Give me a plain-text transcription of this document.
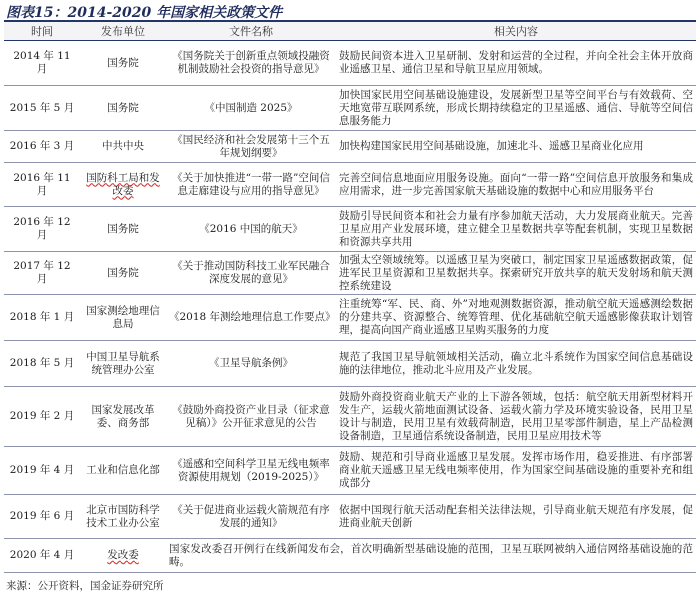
图表15：2014-2020 年国家相关政策文件
时间	发布单位	文件名称	相关内容
2014 年 11 月	国务院	《国务院关于创新重点领域投融资机制鼓励社会投资的指导意见》	鼓励民间资本进入卫星研制、发射和运营的全过程，并向全社会主体开放商业遥感卫星、通信卫星和导航卫星应用领域。
2015 年 5 月	国务院	《中国制造 2025》	加快国家民用空间基础设施建设，发展新型卫星等空间平台与有效载荷、空天地宽带互联网系统，形成长期持续稳定的卫星遥感、通信、导航等空间信息服务能力
2016 年 3 月	中共中央	《国民经济和社会发展第十三个五年规划纲要》	加快构建国家民用空间基础设施，加速北斗、遥感卫星商业化应用
2016 年 11 月	国防科工局和发改委	《关于加快推进“一带一路”空间信息走廊建设与应用的指导意见》	完善空间信息地面应用服务设施。面向“一带一路”空间信息开放服务和集成应用需求，进一步完善国家航天基础设施的数据中心和应用服务平台
2016 年 12 月	国务院	《2016 中国的航天》	鼓励引导民间资本和社会力量有序参加航天活动，大力发展商业航天。完善卫星应用产业发展环境，建立健全卫星数据共享等配套机制，实现卫星数据和资源共享共用
2017 年 12 月	国务院	《关于推动国防科技工业军民融合深度发展的意见》	加强太空领域统筹。以遥感卫星为突破口，制定国家卫星遥感数据政策，促进军民卫星资源和卫星数据共享。探索研究开放共享的航天发射场和航天测控系统建设
2018 年 1 月	国家测绘地理信息局	《2018 年测绘地理信息工作要点》	注重统筹“军、民、商、外”对地观测数据资源，推动航空航天遥感测绘数据的分建共享、资源整合、统筹管理、优化基础航空航天遥感影像获取计划管理，提高向国产商业遥感卫星购买服务的力度
2018 年 5 月	中国卫星导航系统管理办公室	《卫星导航条例》	规范了我国卫星导航领域相关活动，确立北斗系统作为国家空间信息基础设施的法律地位，推动北斗应用及产业发展。
2019 年 2 月	国家发展改革委、商务部	《鼓励外商投资产业目录（征求意见稿）》公开征求意见的公告	鼓励外商投资商业航天产业的上下游各领域，包括：航空航天用新型材料开发生产，运载火箭地面测试设备、运载火箭力学及环境实验设备，民用卫星设计与制造，民用卫星有效载荷制造，民用卫星零部件制造，星上产品检测设备制造，卫星通信系统设备制造，民用卫星应用技术等
2019 年 4 月	工业和信息化部	《遥感和空间科学卫星无线电频率资源使用规划（2019-2025）》	鼓励、规范和引导商业遥感卫星发展。发挥市场作用，稳妥推进、有序部署商业航天遥感卫星无线电频率使用，作为国家空间基础设施的重要补充和组成部分
2019 年 6 月	北京市国防科学技术工业办公室	《关于促进商业运载火箭规范有序发展的通知》	依据中国现行航天活动配套相关法律法规，引导商业航天规范有序发展，促进商业航天创新
2020 年 4 月	发改委	国家发改委召开例行在线新闻发布会，首次明确新型基础设施的范围，卫星互联网被纳入通信网络基础设施的范畴。	
来源：公开资料，国金证券研究所
